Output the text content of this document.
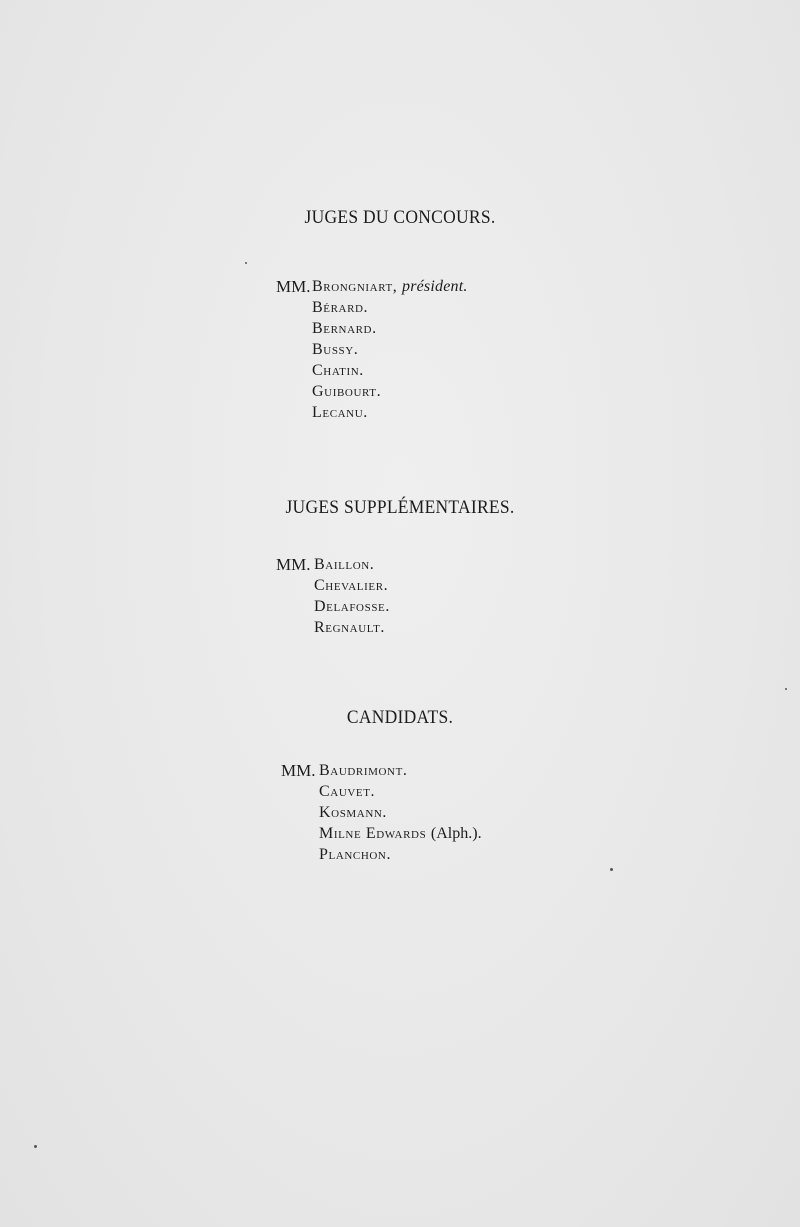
JUGES DU CONCOURS.
MM. Brongniart, président.
Bérard.
Bernard.
Bussy.
Chatin.
Guibourt.
Lecanu.
JUGES SUPPLÉMENTAIRES.
MM. Baillon.
Chevalier.
Delafosse.
Regnault.
CANDIDATS.
MM. Baudrimont.
Cauvet.
Kosmann.
Milne Edwards (Alph.).
Planchon.
